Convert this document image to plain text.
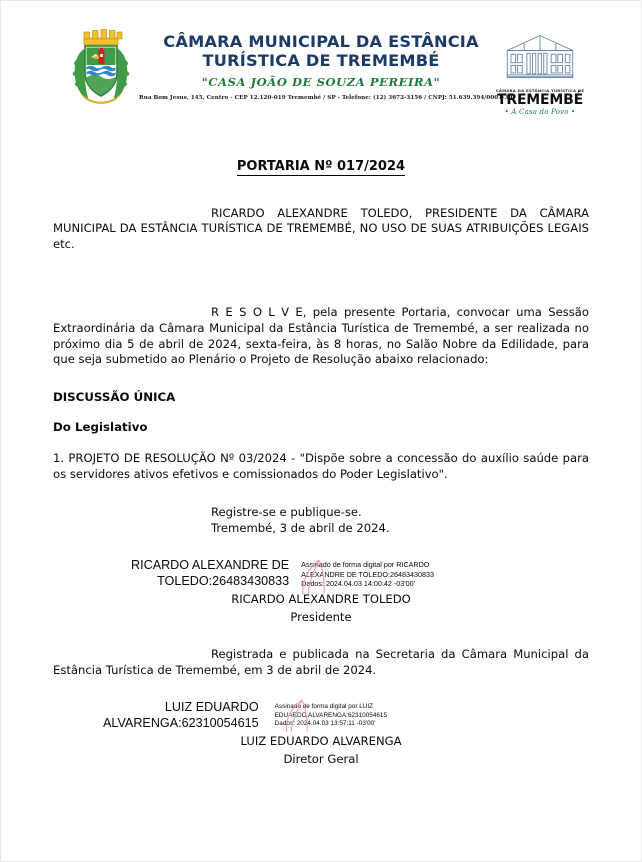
CÂMARA MUNICIPAL DA ESTÂNCIA
TURÍSTICA DE TREMEMBÉ
"CASA JOÃO DE SOUZA PEREIRA"
Rua Bom Jesus, 145, Centro - CEP 12.120-019 Tremembé / SP - Telefone: (12) 3672-3156 / CNPJ: 51.639.394/0001-30
CÂMARA DA ESTÂNCIA TURÍSTICA DE
TREMEMBÉ
• A Casa do Povo •
PORTARIA Nº 017/2024

RICARDO ALEXANDRE TOLEDO, PRESIDENTE DA CÂMARA MUNICIPAL DA ESTÂNCIA TURÍSTICA DE TREMEMBÉ, NO USO DE SUAS ATRIBUIÇÕES LEGAIS etc.

R E S O L V E, pela presente Portaria, convocar uma Sessão Extraordinária da Câmara Municipal da Estância Turística de Tremembé, a ser realizada no próximo dia 5 de abril de 2024, sexta-feira, às 8 horas, no Salão Nobre da Edilidade, para que seja submetido ao Plenário o Projeto de Resolução abaixo relacionado:

DISCUSSÃO ÚNICA

Do Legislativo

1. PROJETO DE RESOLUÇÃO Nº 03/2024 - "Dispõe sobre a concessão do auxílio saúde para os servidores ativos efetivos e comissionados do Poder Legislativo".

Registre-se e publique-se.

Tremembé, 3 de abril de 2024.

RICARDO ALEXANDRE DE
TOLEDO:26483430833
Assinado de forma digital por RICARDO
ALEXANDRE DE TOLEDO:26483430833
Dados: 2024.04.03 14:00:42 -03'00'

RICARDO ALEXANDRE TOLEDO

Presidente

Registrada e publicada na Secretaria da Câmara Municipal da Estância Turística de Tremembé, em 3 de abril de 2024.

LUIZ EDUARDO
ALVARENGA:62310054615
Assinado de forma digital por LUIZ
EDUARDO ALVARENGA:62310054615
Dados: 2024.04.03 13:57:11 -03'00'

LUIZ EDUARDO ALVARENGA

Diretor Geral
